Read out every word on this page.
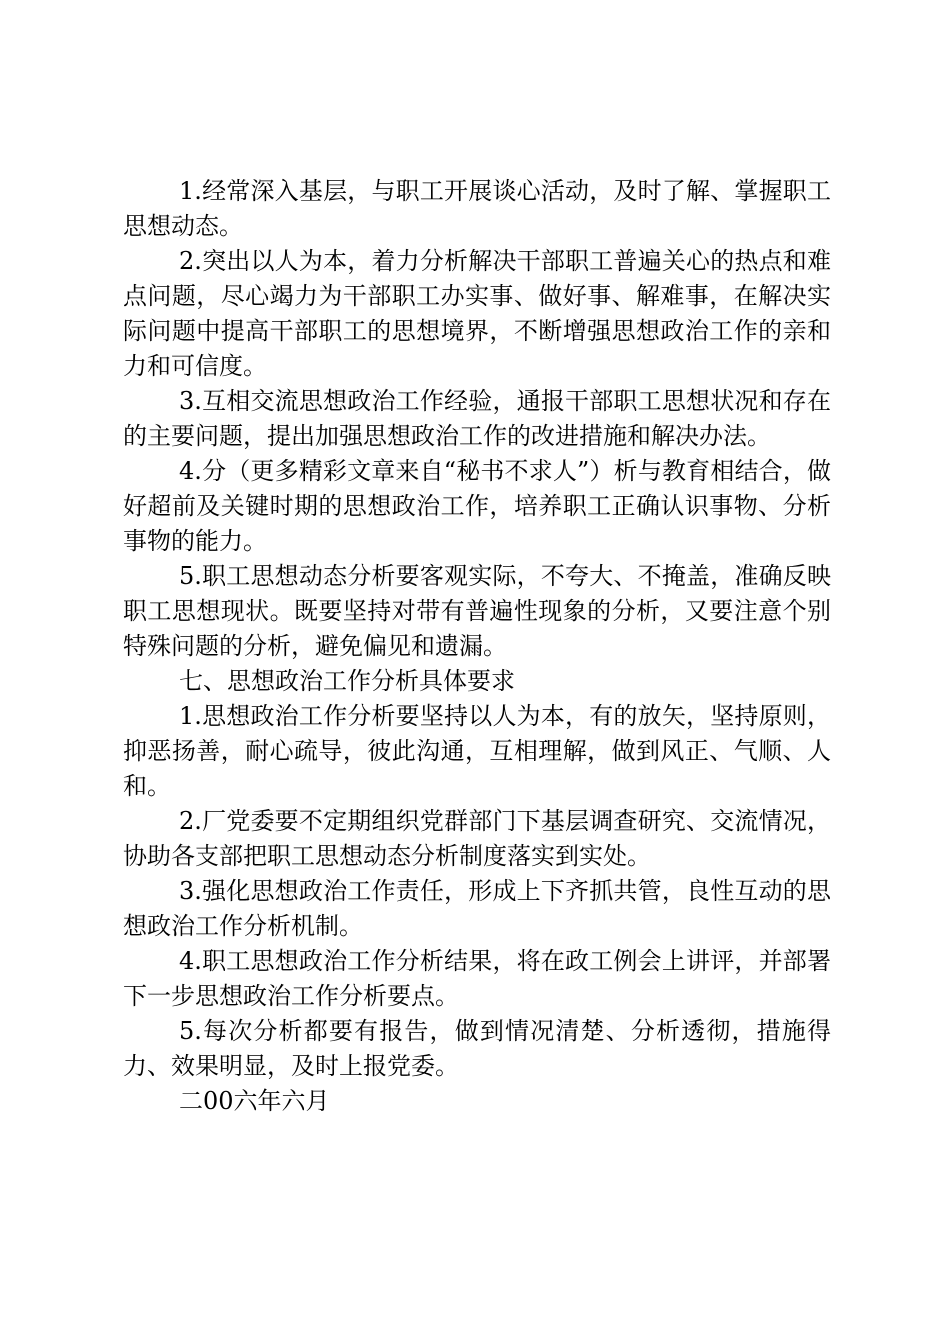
1.经常深入基层，与职工开展谈心活动，及时了解、掌握职工思想动态。

2.突出以人为本，着力分析解决干部职工普遍关心的热点和难点问题，尽心竭力为干部职工办实事、做好事、解难事，在解决实际问题中提高干部职工的思想境界，不断增强思想政治工作的亲和力和可信度。

3.互相交流思想政治工作经验，通报干部职工思想状况和存在的主要问题，提出加强思想政治工作的改进措施和解决办法。

4.分（更多精彩文章来自“秘书不求人”）析与教育相结合，做好超前及关键时期的思想政治工作，培养职工正确认识事物、分析事物的能力。

5.职工思想动态分析要客观实际，不夸大、不掩盖，准确反映职工思想现状。既要坚持对带有普遍性现象的分析，又要注意个别特殊问题的分析，避免偏见和遗漏。

七、思想政治工作分析具体要求

1.思想政治工作分析要坚持以人为本，有的放矢，坚持原则，抑恶扬善，耐心疏导，彼此沟通，互相理解，做到风正、气顺、人和。

2.厂党委要不定期组织党群部门下基层调查研究、交流情况，协助各支部把职工思想动态分析制度落实到实处。

3.强化思想政治工作责任，形成上下齐抓共管，良性互动的思想政治工作分析机制。

4.职工思想政治工作分析结果，将在政工例会上讲评，并部署下一步思想政治工作分析要点。

5.每次分析都要有报告，做到情况清楚、分析透彻，措施得力、效果明显，及时上报党委。

二00六年六月
